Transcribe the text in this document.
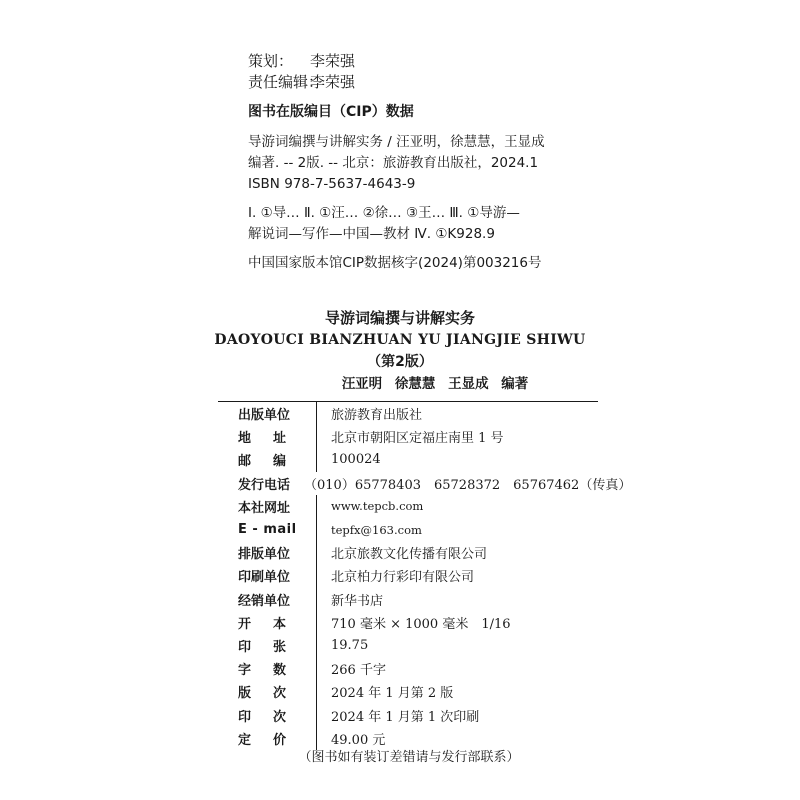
策划：	李荣强
责任编辑：
李荣强
图书在版编目（CIP）数据
导游词编撰与讲解实务 / 汪亚明，徐慧慧，王显成
编著. -- 2版. -- 北京：旅游教育出版社，2024.1
ISBN 978-7-5637-4643-9
Ⅰ. ①导… Ⅱ. ①汪… ②徐… ③王… Ⅲ. ①导游—
解说词—写作—中国—教材 Ⅳ. ①K928.9
中国国家版本馆CIP数据核字(2024)第003216号
导游词编撰与讲解实务
DAOYOUCI BIANZHUAN YU JIANGJIE SHIWU
（第2版）
汪亚明 徐慧慧 王显成 编著
出版单位	旅游教育出版社
地址	北京市朝阳区定福庄南里 1 号
邮编	100024
发行电话	（010）65778403　65728372　65767462（传真）
本社网址	www.tepcb.com
E - mail	tepfx@163.com
排版单位	北京旅教文化传播有限公司
印刷单位	北京柏力行彩印有限公司
经销单位	新华书店
开本	710 毫米 × 1000 毫米　1/16
印张	19.75
字数	266 千字
版次	2024 年 1 月第 2 版
印次	2024 年 1 月第 1 次印刷
定价	49.00 元
（图书如有装订差错请与发行部联系）
